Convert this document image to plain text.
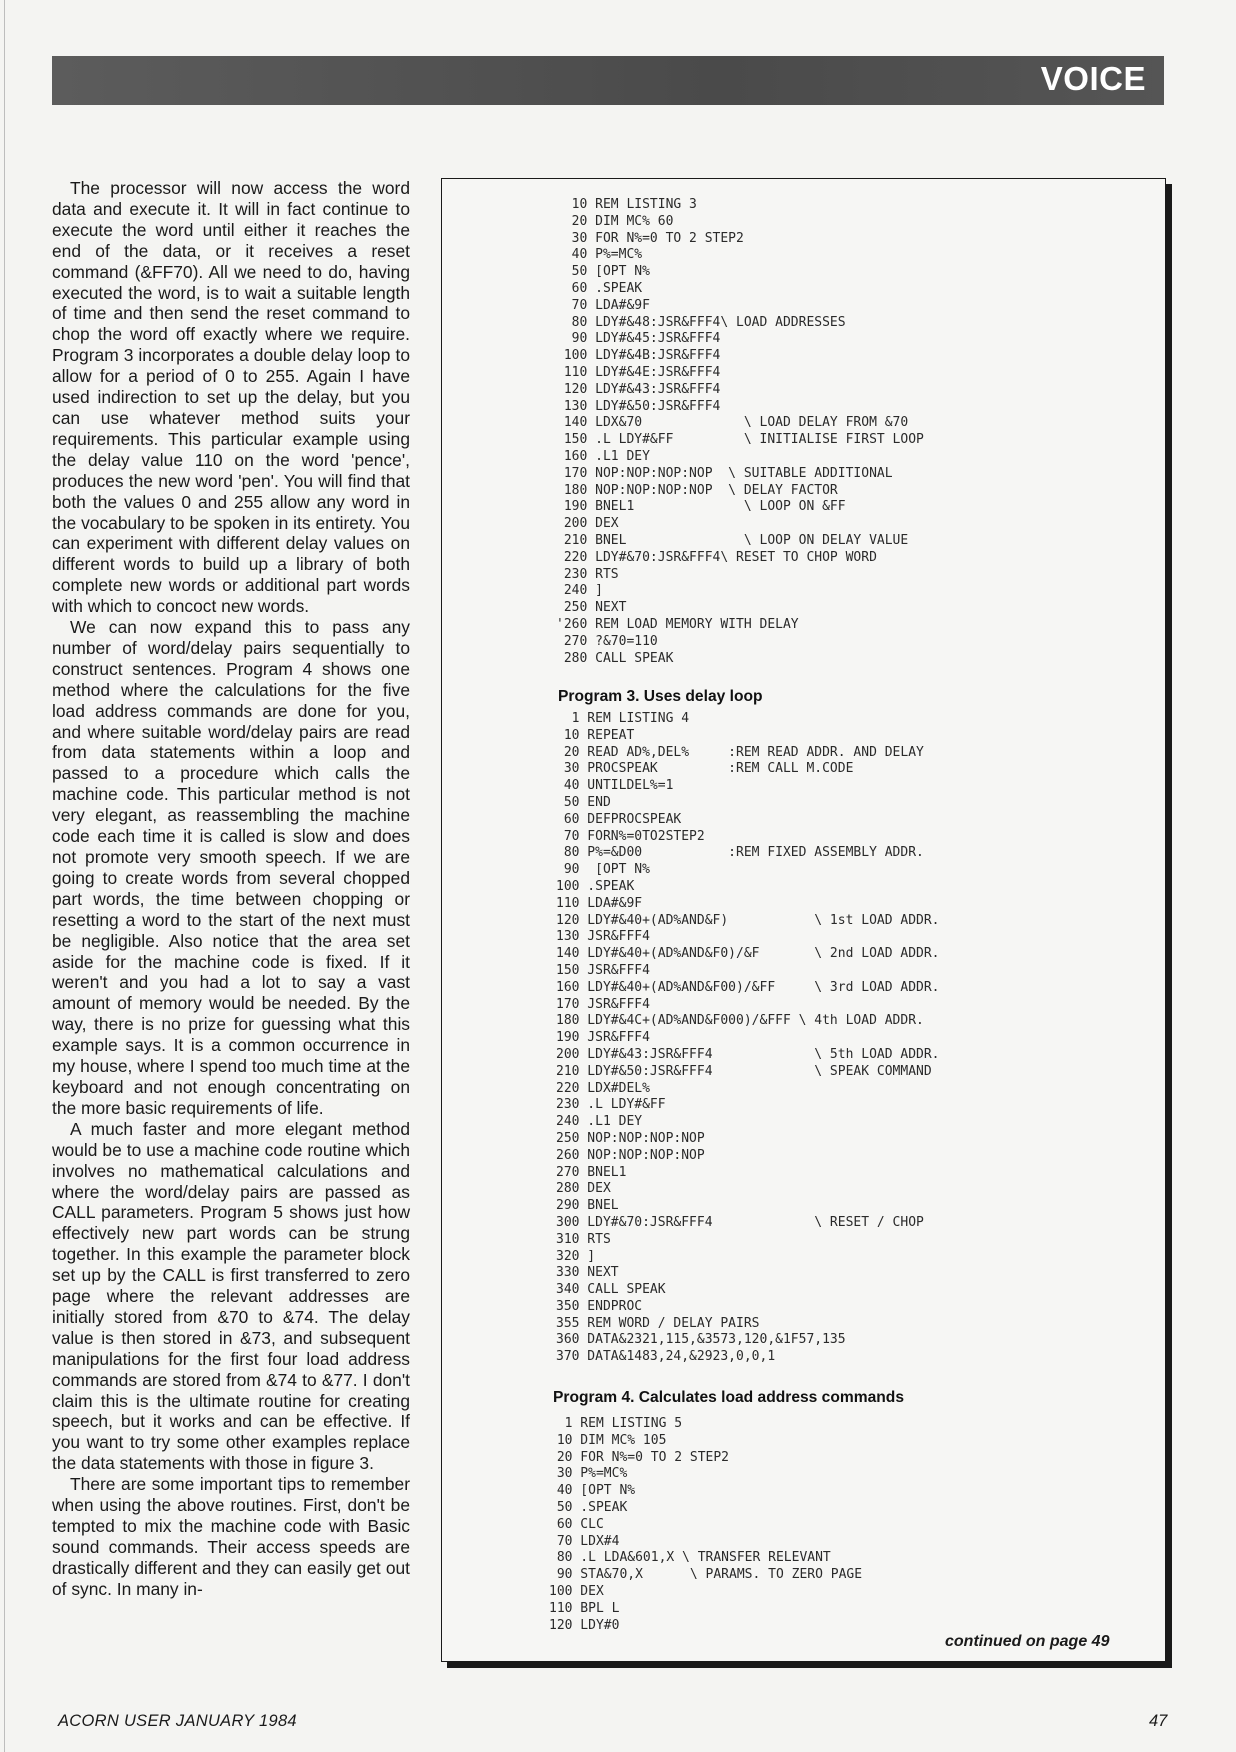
VOICE

The processor will now access the word data and execute it. It will in fact continue to execute the word until either it reaches the end of the data, or it receives a reset command (&FF70). All we need to do, having executed the word, is to wait a suitable length of time and then send the reset command to chop the word off exactly where we require. Program 3 incorporates a double delay loop to allow for a period of 0 to 255. Again I have used indirection to set up the delay, but you can use whatever method suits your requirements. This particular example using the delay value 110 on the word 'pence', produces the new word 'pen'. You will find that both the values 0 and 255 allow any word in the vocabulary to be spoken in its entirety. You can experiment with different delay values on different words to build up a library of both complete new words or additional part words with which to concoct new words.

We can now expand this to pass any number of word/delay pairs sequentially to construct sentences. Program 4 shows one method where the calculations for the five load address commands are done for you, and where suitable word/delay pairs are read from data statements within a loop and passed to a procedure which calls the machine code. This particular method is not very elegant, as reassembling the machine code each time it is called is slow and does not promote very smooth speech. If we are going to create words from several chopped part words, the time between chopping or resetting a word to the start of the next must be negligible. Also notice that the area set aside for the machine code is fixed. If it weren't and you had a lot to say a vast amount of memory would be needed. By the way, there is no prize for guessing what this example says. It is a common occurrence in my house, where I spend too much time at the keyboard and not enough concentrating on the more basic requirements of life.

A much faster and more elegant method would be to use a machine code routine which involves no mathematical calculations and where the word/delay pairs are passed as CALL parameters. Program 5 shows just how effectively new part words can be strung together. In this example the parameter block set up by the CALL is first transferred to zero page where the relevant addresses are initially stored from &70 to &74. The delay value is then stored in &73, and subsequent manipulations for the first four load address commands are stored from &74 to &77. I don't claim this is the ultimate routine for creating speech, but it works and can be effective. If you want to try some other examples replace the data statements with those in figure 3.

There are some important tips to remember when using the above routines. First, don't be tempted to mix the machine code with Basic sound commands. Their access speeds are drastically different and they can easily get out of sync. In many in-

10 REM LISTING 3
20 DIM MC% 60
30 FOR N%=0 TO 2 STEP2
40 P%=MC%
50 [OPT N%
60 .SPEAK
70 LDA#&9F
80 LDY#&48:JSR&FFF4\ LOAD ADDRESSES
90 LDY#&45:JSR&FFF4
100 LDY#&4B:JSR&FFF4
110 LDY#&4E:JSR&FFF4
120 LDY#&43:JSR&FFF4
130 LDY#&50:JSR&FFF4
140 LDX&70             \ LOAD DELAY FROM &70
150 .L LDY#&FF         \ INITIALISE FIRST LOOP
160 .L1 DEY
170 NOP:NOP:NOP:NOP  \ SUITABLE ADDITIONAL
180 NOP:NOP:NOP:NOP  \ DELAY FACTOR
190 BNEL1              \ LOOP ON &FF
200 DEX
210 BNEL               \ LOOP ON DELAY VALUE
220 LDY#&70:JSR&FFF4\ RESET TO CHOP WORD
230 RTS
240 ]
250 NEXT
'260 REM LOAD MEMORY WITH DELAY
270 ?&70=110
280 CALL SPEAK
Program 3. Uses delay loop
1 REM LISTING 4
10 REPEAT
20 READ AD%,DEL%     :REM READ ADDR. AND DELAY
30 PROCSPEAK         :REM CALL M.CODE
40 UNTILDEL%=1
50 END
60 DEFPROCSPEAK
70 FORN%=0TO2STEP2
80 P%=&D00           :REM FIXED ASSEMBLY ADDR.
90  [OPT N%
100 .SPEAK
110 LDA#&9F
120 LDY#&40+(AD%AND&F)           \ 1st LOAD ADDR.
130 JSR&FFF4
140 LDY#&40+(AD%AND&F0)/&F       \ 2nd LOAD ADDR.
150 JSR&FFF4
160 LDY#&40+(AD%AND&F00)/&FF     \ 3rd LOAD ADDR.
170 JSR&FFF4
180 LDY#&4C+(AD%AND&F000)/&FFF \ 4th LOAD ADDR.
190 JSR&FFF4
200 LDY#&43:JSR&FFF4             \ 5th LOAD ADDR.
210 LDY#&50:JSR&FFF4             \ SPEAK COMMAND
220 LDX#DEL%
230 .L LDY#&FF
240 .L1 DEY
250 NOP:NOP:NOP:NOP
260 NOP:NOP:NOP:NOP
270 BNEL1
280 DEX
290 BNEL
300 LDY#&70:JSR&FFF4             \ RESET / CHOP
310 RTS
320 ]
330 NEXT
340 CALL SPEAK
350 ENDPROC
355 REM WORD / DELAY PAIRS
360 DATA&2321,115,&3573,120,&1F57,135
370 DATA&1483,24,&2923,0,0,1
Program 4. Calculates load address commands
1 REM LISTING 5
10 DIM MC% 105
20 FOR N%=0 TO 2 STEP2
30 P%=MC%
40 [OPT N%
50 .SPEAK
60 CLC
70 LDX#4
80 .L LDA&601,X \ TRANSFER RELEVANT
90 STA&70,X      \ PARAMS. TO ZERO PAGE
100 DEX
110 BPL L
120 LDY#0
continued on page 49
ACORN USER JANUARY 1984	47
